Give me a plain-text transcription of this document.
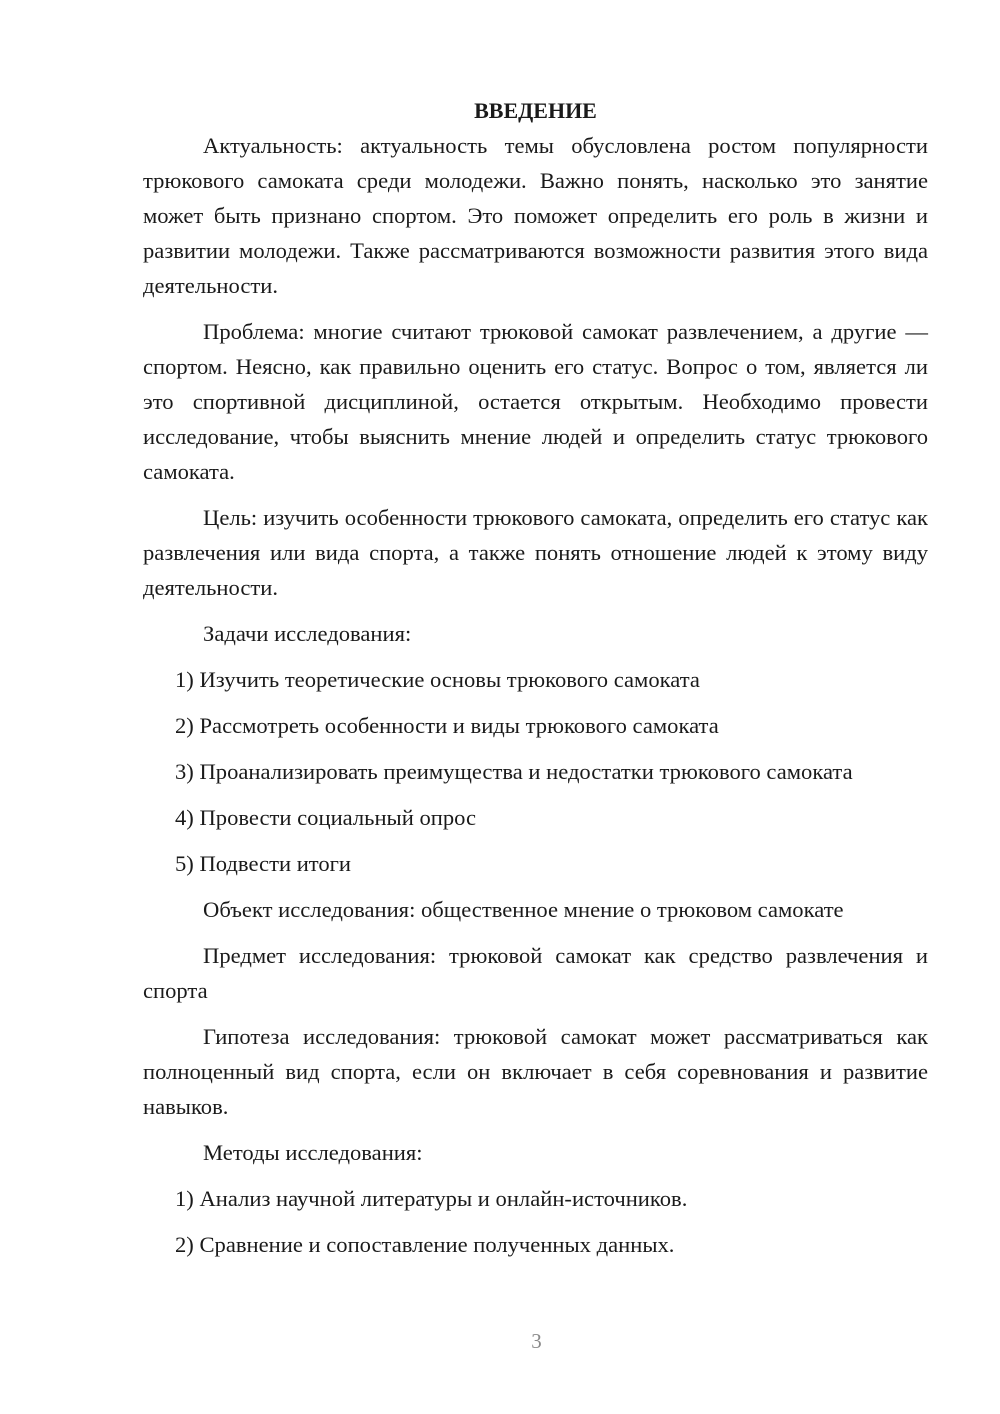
ВВЕДЕНИЕ

Актуальность: актуальность темы обусловлена ростом популярности трюкового самоката среди молодежи. Важно понять, насколько это занятие может быть признано спортом. Это поможет определить его роль в жизни и развитии молодежи. Также рассматриваются возможности развития этого вида деятельности.

Проблема: многие считают трюковой самокат развлечением, а другие — спортом. Неясно, как правильно оценить его статус. Вопрос о том, является ли это спортивной дисциплиной, остается открытым. Необходимо провести исследование, чтобы выяснить мнение людей и определить статус трюкового самоката.

Цель: изучить особенности трюкового самоката, определить его статус как развлечения или вида спорта, а также понять отношение людей к этому виду деятельности.

Задачи исследования:

1) Изучить теоретические основы трюкового самоката

2) Рассмотреть особенности и виды трюкового самоката

3) Проанализировать преимущества и недостатки трюкового самоката

4) Провести социальный опрос

5) Подвести итоги

Объект исследования: общественное мнение о трюковом самокате

Предмет исследования: трюковой самокат как средство развлечения и спорта

Гипотеза исследования: трюковой самокат может рассматриваться как полноценный вид спорта, если он включает в себя соревнования и развитие навыков.

Методы исследования:

1) Анализ научной литературы и онлайн-источников.

2) Сравнение и сопоставление полученных данных.

3
